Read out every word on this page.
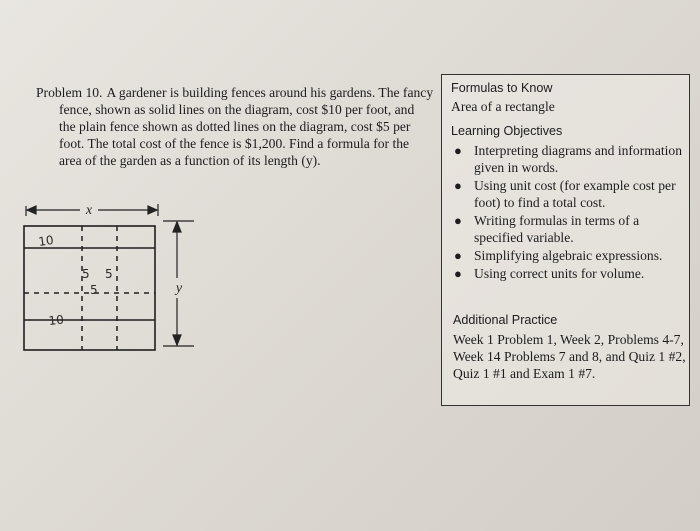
Problem 10. A gardener is building fences around his gardens. The fancy fence, shown as solid lines on the diagram, cost $10 per foot, and the plain fence shown as dotted lines on the diagram, cost $5 per foot. The total cost of the fence is $1,200. Find a formula for the area of the garden as a function of its length (y).

x
y
10
5
5
5
10
Formulas to Know
Area of a rectangle
Learning Objectives
● Interpreting diagrams and information given in words.
● Using unit cost (for example cost per foot) to find a total cost.
● Writing formulas in terms of a specified variable.
● Simplifying algebraic expressions.
● Using correct units for volume.
Additional Practice
Week 1 Problem 1, Week 2, Problems 4-7, Week 14 Problems 7 and 8, and Quiz 1 #2, Quiz 1 #1 and Exam 1 #7.
